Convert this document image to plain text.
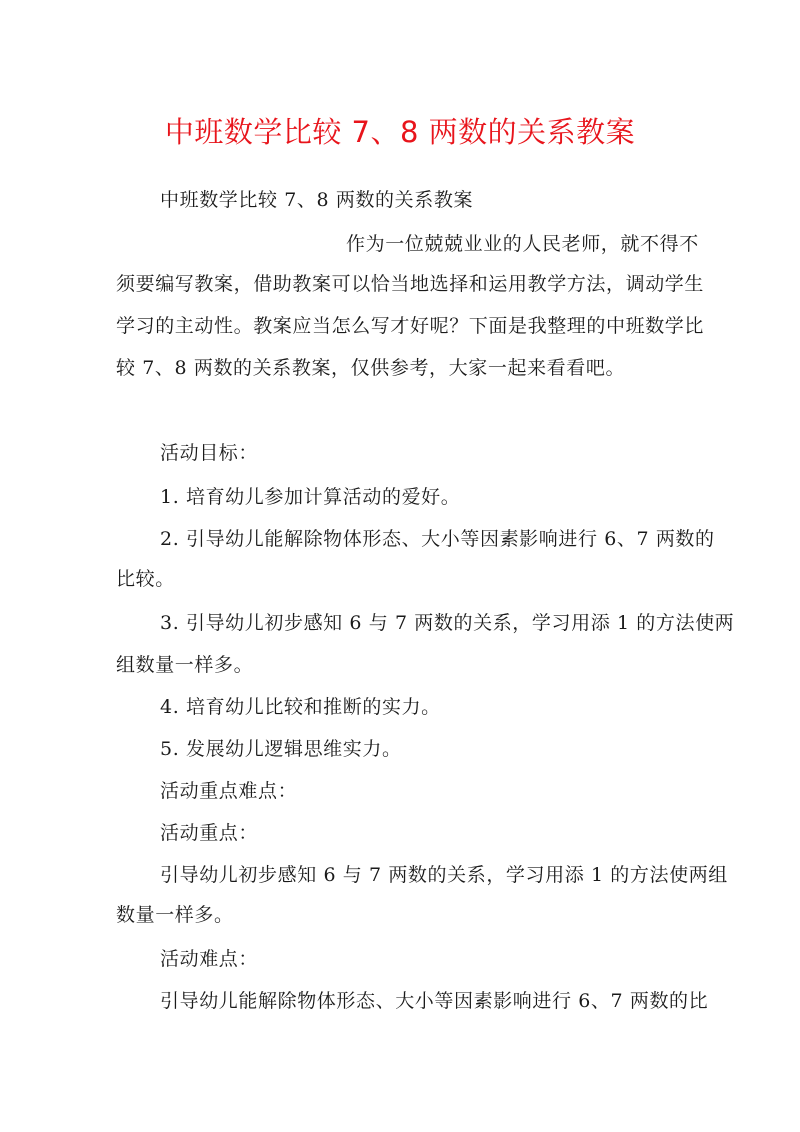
中班数学比较 7、8 两数的关系教案
中班数学比较 7、8 两数的关系教案
作为一位兢兢业业的人民老师，就不得不
须要编写教案，借助教案可以恰当地选择和运用教学方法，调动学生
学习的主动性。教案应当怎么写才好呢？下面是我整理的中班数学比
较 7、8 两数的关系教案，仅供参考，大家一起来看看吧。
活动目标：
1. 培育幼儿参加计算活动的爱好。
2. 引导幼儿能解除物体形态、大小等因素影响进行 6、7 两数的
比较。
3. 引导幼儿初步感知 6 与 7 两数的关系，学习用添 1 的方法使两
组数量一样多。
4. 培育幼儿比较和推断的实力。
5. 发展幼儿逻辑思维实力。
活动重点难点：
活动重点：
引导幼儿初步感知 6 与 7 两数的关系，学习用添 1 的方法使两组
数量一样多。
活动难点：
引导幼儿能解除物体形态、大小等因素影响进行 6、7 两数的比
